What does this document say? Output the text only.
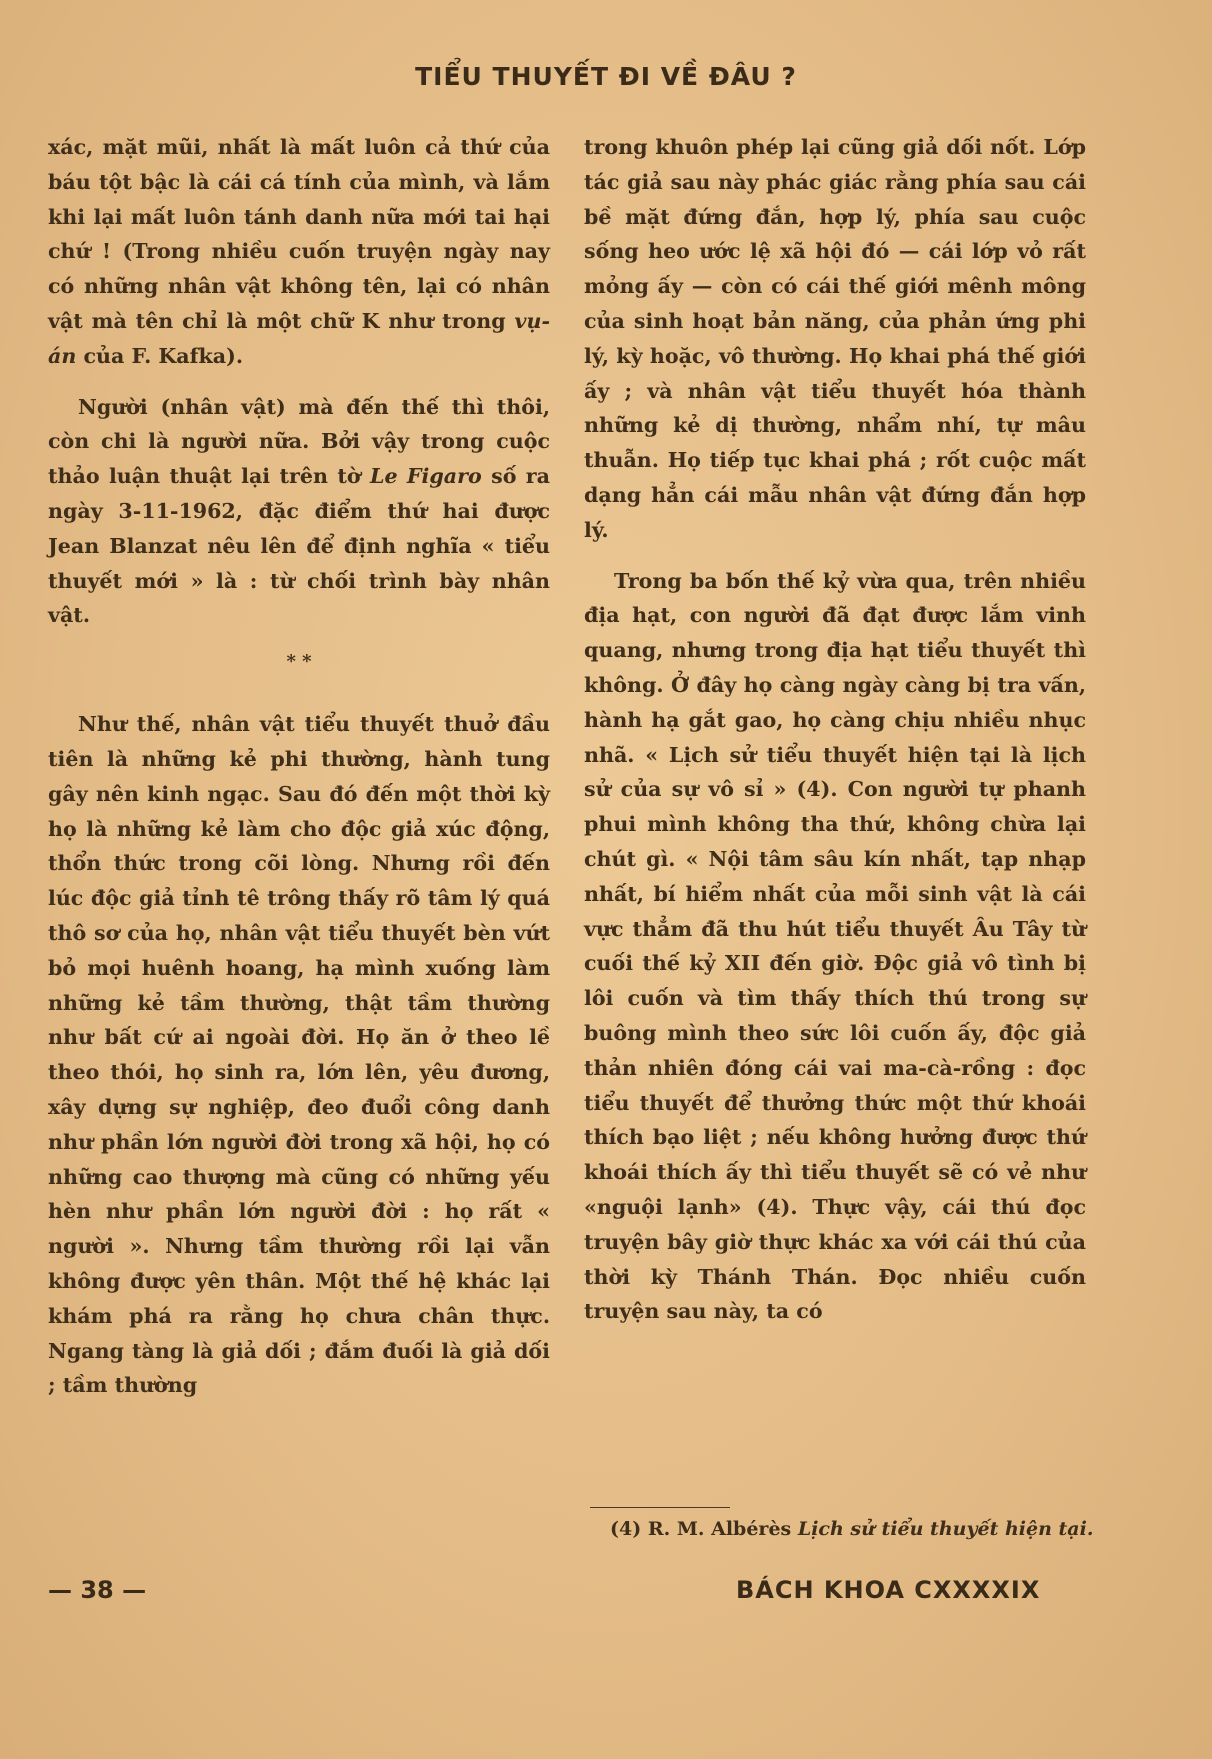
TIỂU THUYẾT ĐI VỀ ĐÂU ?

xác, mặt mũi, nhất là mất luôn cả thứ của báu tột bậc là cái cá tính của mình, và lắm khi lại mất luôn tánh danh nữa mới tai hại chứ ! (Trong nhiều cuốn truyện ngày nay có những nhân vật không tên, lại có nhân vật mà tên chỉ là một chữ K như trong vụ-án của F. Kafka).

Người (nhân vật) mà đến thế thì thôi, còn chi là người nữa. Bởi vậy trong cuộc thảo luận thuật lại trên tờ Le Figaro số ra ngày 3-11-1962, đặc điểm thứ hai được Jean Blanzat nêu lên để định nghĩa « tiểu thuyết mới » là : từ chối trình bày nhân vật.

* *

Như thế, nhân vật tiểu thuyết thuở đầu tiên là những kẻ phi thường, hành tung gây nên kinh ngạc. Sau đó đến một thời kỳ họ là những kẻ làm cho độc giả xúc động, thổn thức trong cõi lòng. Nhưng rồi đến lúc độc giả tỉnh tê trông thấy rõ tâm lý quá thô sơ của họ, nhân vật tiểu thuyết bèn vứt bỏ mọi huênh hoang, hạ mình xuống làm những kẻ tầm thường, thật tầm thường như bất cứ ai ngoài đời. Họ ăn ở theo lề theo thói, họ sinh ra, lớn lên, yêu đương, xây dựng sự nghiệp, đeo đuổi công danh như phần lớn người đời trong xã hội, họ có những cao thượng mà cũng có những yếu hèn như phần lớn người đời : họ rất « người ». Nhưng tầm thường rồi lại vẫn không được yên thân. Một thế hệ khác lại khám phá ra rằng họ chưa chân thực. Ngang tàng là giả dối ; đắm đuối là giả dối ; tầm thường

trong khuôn phép lại cũng giả dối nốt. Lớp tác giả sau này phác giác rằng phía sau cái bề mặt đứng đắn, hợp lý, phía sau cuộc sống heo ước lệ xã hội đó — cái lớp vỏ rất mỏng ấy — còn có cái thế giới mênh mông của sinh hoạt bản năng, của phản ứng phi lý, kỳ hoặc, vô thường. Họ khai phá thế giới ấy ; và nhân vật tiểu thuyết hóa thành những kẻ dị thường, nhẩm nhí, tự mâu thuẫn. Họ tiếp tục khai phá ; rốt cuộc mất dạng hẳn cái mẫu nhân vật đứng đắn hợp lý.

Trong ba bốn thế kỷ vừa qua, trên nhiều địa hạt, con người đã đạt được lắm vinh quang, nhưng trong địa hạt tiểu thuyết thì không. Ở đây họ càng ngày càng bị tra vấn, hành hạ gắt gao, họ càng chịu nhiều nhục nhã. « Lịch sử tiểu thuyết hiện tại là lịch sử của sự vô sỉ » (4). Con người tự phanh phui mình không tha thứ, không chừa lại chút gì. « Nội tâm sâu kín nhất, tạp nhạp nhất, bí hiểm nhất của mỗi sinh vật là cái vực thẳm đã thu hút tiểu thuyết Âu Tây từ cuối thế kỷ XII đến giờ. Độc giả vô tình bị lôi cuốn và tìm thấy thích thú trong sự buông mình theo sức lôi cuốn ấy, độc giả thản nhiên đóng cái vai ma-cà-rồng : đọc tiểu thuyết để thưởng thức một thứ khoái thích bạo liệt ; nếu không hưởng được thứ khoái thích ấy thì tiểu thuyết sẽ có vẻ như «nguội lạnh» (4). Thực vậy, cái thú đọc truyện bây giờ thực khác xa với cái thú của thời kỳ Thánh Thán. Đọc nhiều cuốn truyện sau này, ta có

(4) R. M. Albérès Lịch sử tiểu thuyết hiện tại.
— 38 —	BÁCH KHOA CXXXXIX
